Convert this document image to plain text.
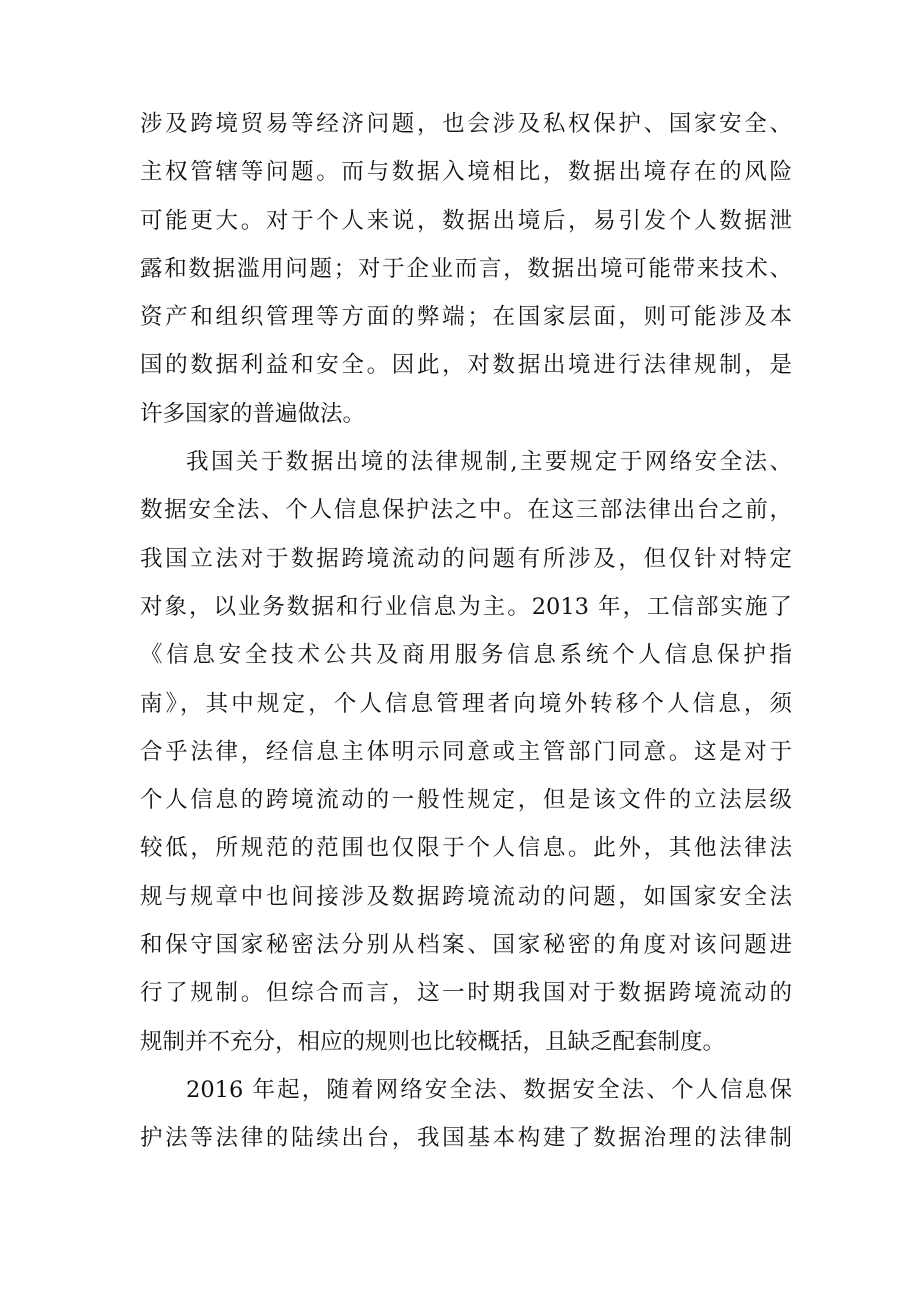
涉及跨境贸易等经济问题，也会涉及私权保护、国家安全、
主权管辖等问题。而与数据入境相比，数据出境存在的风险
可能更大。对于个人来说，数据出境后，易引发个人数据泄
露和数据滥用问题；对于企业而言，数据出境可能带来技术、
资产和组织管理等方面的弊端；在国家层面，则可能涉及本
国的数据利益和安全。因此，对数据出境进行法律规制，是
许多国家的普遍做法。
我国关于数据出境的法律规制,主要规定于网络安全法、
数据安全法、个人信息保护法之中。在这三部法律出台之前，
我国立法对于数据跨境流动的问题有所涉及，但仅针对特定
对象，以业务数据和行业信息为主。2013 年，工信部实施了
《信息安全技术公共及商用服务信息系统个人信息保护指
南》，其中规定，个人信息管理者向境外转移个人信息，须
合乎法律，经信息主体明示同意或主管部门同意。这是对于
个人信息的跨境流动的一般性规定，但是该文件的立法层级
较低，所规范的范围也仅限于个人信息。此外，其他法律法
规与规章中也间接涉及数据跨境流动的问题，如国家安全法
和保守国家秘密法分别从档案、国家秘密的角度对该问题进
行了规制。但综合而言，这一时期我国对于数据跨境流动的
规制并不充分，相应的规则也比较概括，且缺乏配套制度。
2016 年起，随着网络安全法、数据安全法、个人信息保
护法等法律的陆续出台，我国基本构建了数据治理的法律制
